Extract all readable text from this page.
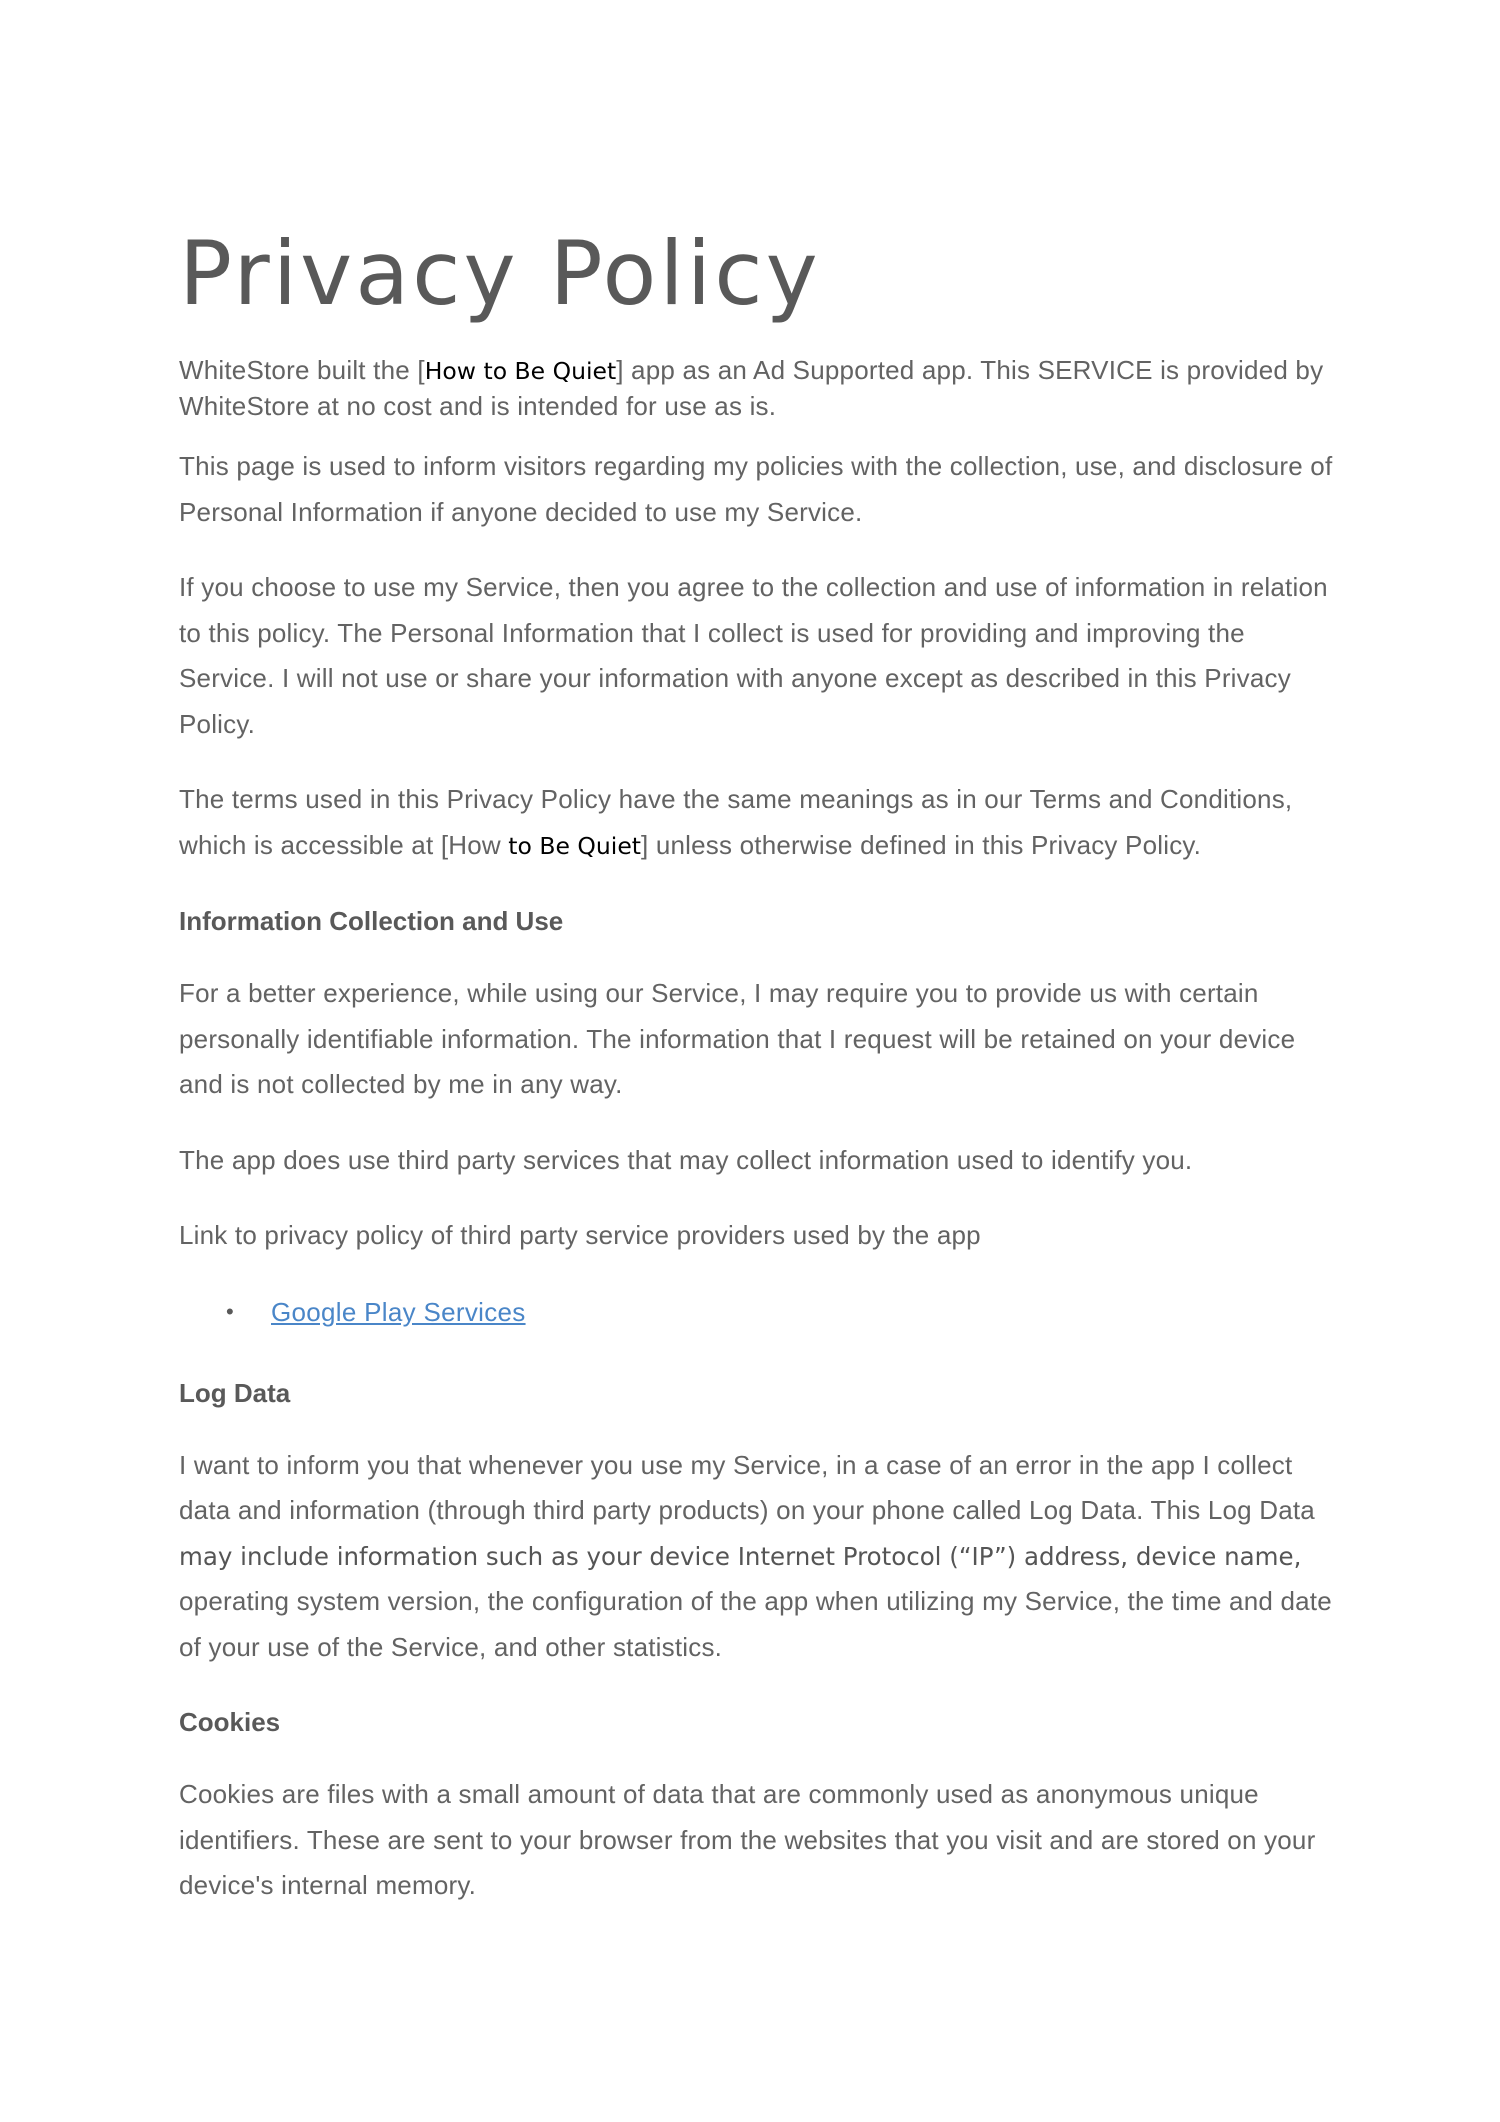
Privacy Policy

WhiteStore built the [How to Be Quiet] app as an Ad Supported app. This SERVICE is provided by WhiteStore at no cost and is intended for use as is.

This page is used to inform visitors regarding my policies with the collection, use, and disclosure of Personal Information if anyone decided to use my Service.

If you choose to use my Service, then you agree to the collection and use of information in relation to this policy. The Personal Information that I collect is used for providing and improving the Service. I will not use or share your information with anyone except as described in this Privacy Policy.

The terms used in this Privacy Policy have the same meanings as in our Terms and Conditions, which is accessible at [How to Be Quiet] unless otherwise defined in this Privacy Policy.

Information Collection and Use

For a better experience, while using our Service, I may require you to provide us with certain personally identifiable information. The information that I request will be retained on your device and is not collected by me in any way.

The app does use third party services that may collect information used to identify you.

Link to privacy policy of third party service providers used by the app

• Google Play Services
Log Data

I want to inform you that whenever you use my Service, in a case of an error in the app I collect data and information (through third party products) on your phone called Log Data. This Log Data may include information such as your device Internet Protocol (“IP”) address, device name, operating system version, the configuration of the app when utilizing my Service, the time and date of your use of the Service, and other statistics.

Cookies

Cookies are files with a small amount of data that are commonly used as anonymous unique identifiers. These are sent to your browser from the websites that you visit and are stored on your device's internal memory.
